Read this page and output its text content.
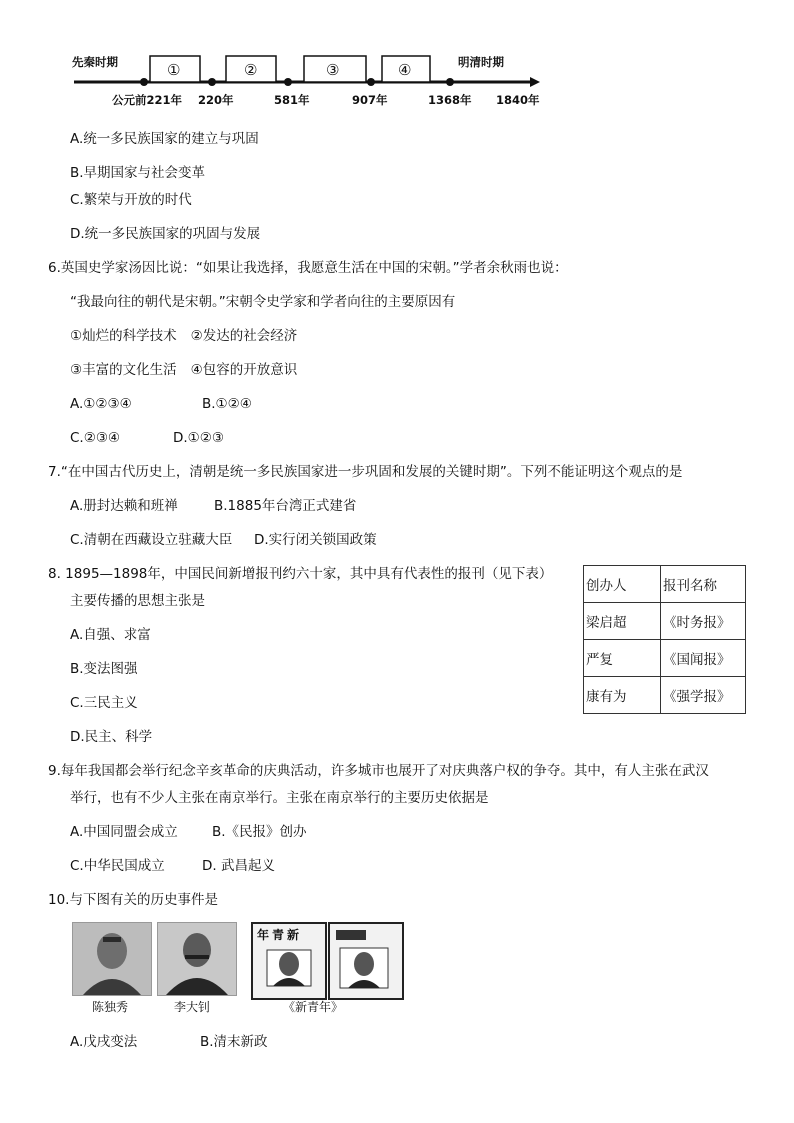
先秦时期	明清时期
①	②	③	④
公元前221年 220年	581年	907年	1368年 1840年
A.统一多民族国家的建立与巩固
B.早期国家与社会变革
C.繁荣与开放的时代
D.统一多民族国家的巩固与发展
6.英国史学家汤因比说：“如果让我选择，我愿意生活在中国的宋朝。”学者余秋雨也说：
“我最向往的朝代是宋朝。”宋朝令史学家和学者向往的主要原因有
①灿烂的科学技术 ②发达的社会经济
③丰富的文化生活 ④包容的开放意识
A.①②③④	B.①②④
C.②③④	D.①②③
7.“在中国古代历史上，清朝是统一多民族国家进一步巩固和发展的关键时期”。下列不能证明这个观点的是
A.册封达赖和班禅	B.1885年台湾正式建省
C.清朝在西藏设立驻藏大臣 D.实行闭关锁国政策
8. 1895—1898年，中国民间新增报刊约六十家，其中具有代表性的报刊（见下表）
主要传播的思想主张是
A.自强、求富
B.变法图强
C.三民主义
D.民主、科学
创办人	报刊名称
梁启超	《时务报》
严复	《国闻报》
康有为	《强学报》
9.每年我国都会举行纪念辛亥革命的庆典活动，许多城市也展开了对庆典落户权的争夺。其中，有人主张在武汉
举行，也有不少人主张在南京举行。主张在南京举行的主要历史依据是
A.中国同盟会成立	B.《民报》创办
C.中华民国成立	D. 武昌起义
10.与下图有关的历史事件是
陈独秀	李大钊
年青新
《新青年》
A.戊戌变法	B.清末新政
